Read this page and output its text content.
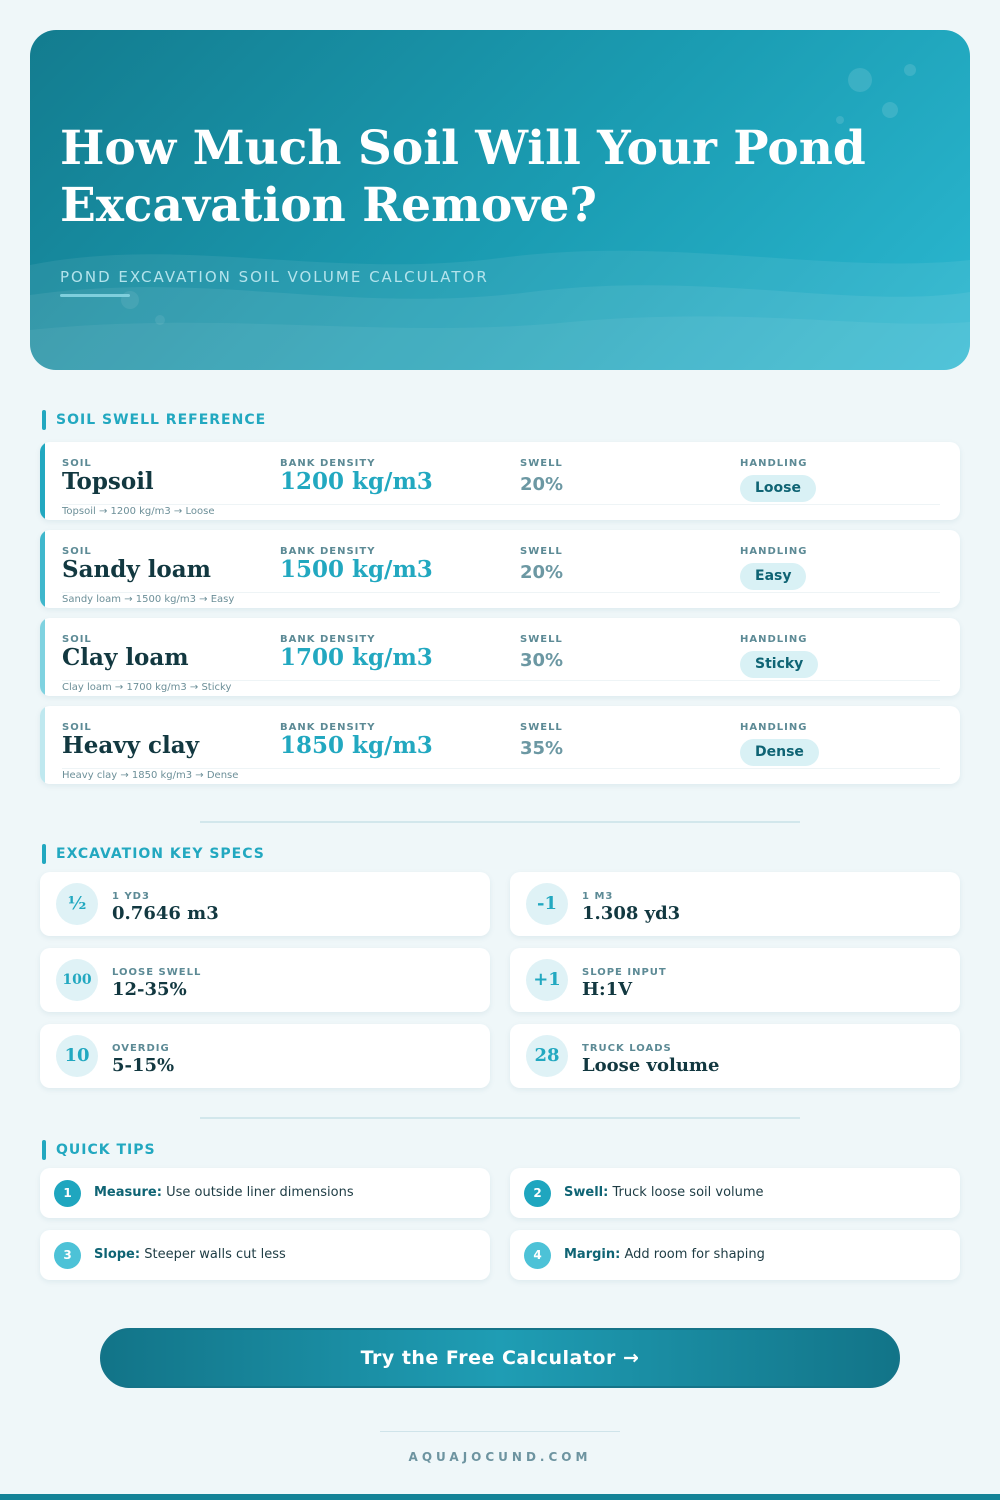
How Much Soil Will Your Pond Excavation Remove?
POND EXCAVATION SOIL VOLUME CALCULATOR
SOIL SWELL REFERENCE
SOIL	BANK DENSITY	SWELL	HANDLING
Topsoil	1200 kg/m3	20%	Loose
Topsoil → 1200 kg/m3 → Loose
SOIL	BANK DENSITY	SWELL	HANDLING
Sandy loam	1500 kg/m3	20%	Easy
Sandy loam → 1500 kg/m3 → Easy
SOIL	BANK DENSITY	SWELL	HANDLING
Clay loam	1700 kg/m3	30%	Sticky
Clay loam → 1700 kg/m3 → Sticky
SOIL	BANK DENSITY	SWELL	HANDLING
Heavy clay	1850 kg/m3	35%	Dense
Heavy clay → 1850 kg/m3 → Dense
EXCAVATION KEY SPECS
½	1 YD3
0.7646 m3	-1	1 M3
1.308 yd3
100	LOOSE SWELL
12-35%	+1	SLOPE INPUT
H:1V
10	OVERDIG
5-15%	28	TRUCK LOADS
Loose volume
QUICK TIPS
1	Measure: Use outside liner dimensions	2	Swell: Truck loose soil volume
3	Slope: Steeper walls cut less	4	Margin: Add room for shaping
Try the Free Calculator →
AQUAJOCUND.COM
